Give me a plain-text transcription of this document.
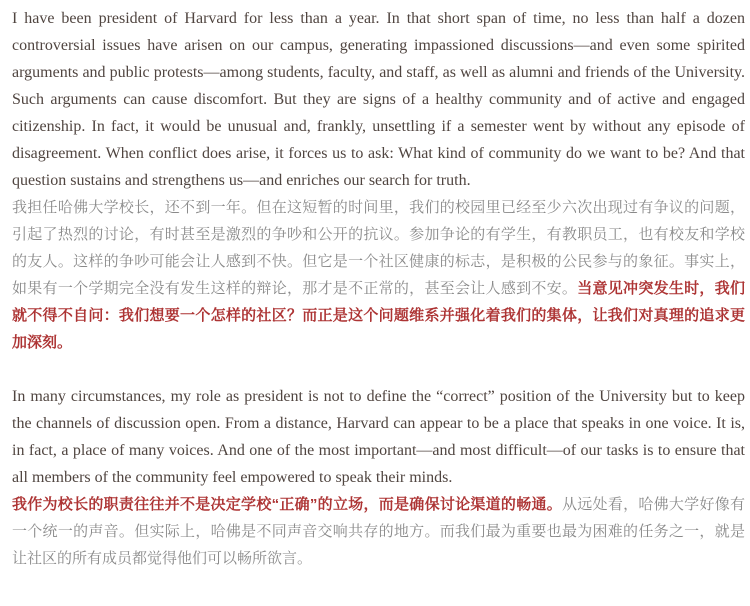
I have been president of Harvard for less than a year. In that short span of time, no less than half a dozen controversial issues have arisen on our campus, generating impassioned discussions—and even some spirited arguments and public protests—among students, faculty, and staff, as well as alumni and friends of the University. Such arguments can cause discomfort. But they are signs of a healthy community and of active and engaged citizenship. In fact, it would be unusual and, frankly, unsettling if a semester went by without any episode of disagreement. When conflict does arise, it forces us to ask: What kind of community do we want to be? And that question sustains and strengthens us—and enriches our search for truth.

我担任哈佛大学校长，还不到一年。但在这短暂的时间里，我们的校园里已经至少六次出现过有争议的问题，引起了热烈的讨论，有时甚至是激烈的争吵和公开的抗议。参加争论的有学生，有教职员工，也有校友和学校的友人。这样的争吵可能会让人感到不快。但它是一个社区健康的标志，是积极的公民参与的象征。事实上，如果有一个学期完全没有发生这样的辩论，那才是不正常的，甚至会让人感到不安。当意见冲突发生时，我们就不得不自问：我们想要一个怎样的社区？而正是这个问题维系并强化着我们的集体，让我们对真理的追求更加深刻。

In many circumstances, my role as president is not to define the “correct” position of the University but to keep the channels of discussion open. From a distance, Harvard can appear to be a place that speaks in one voice. It is, in fact, a place of many voices. And one of the most important—and most difficult—of our tasks is to ensure that all members of the community feel empowered to speak their minds.

我作为校长的职责往往并不是决定学校“正确”的立场，而是确保讨论渠道的畅通。从远处看，哈佛大学好像有一个统一的声音。但实际上，哈佛是不同声音交响共存的地方。而我们最为重要也最为困难的任务之一，就是让社区的所有成员都觉得他们可以畅所欲言。
